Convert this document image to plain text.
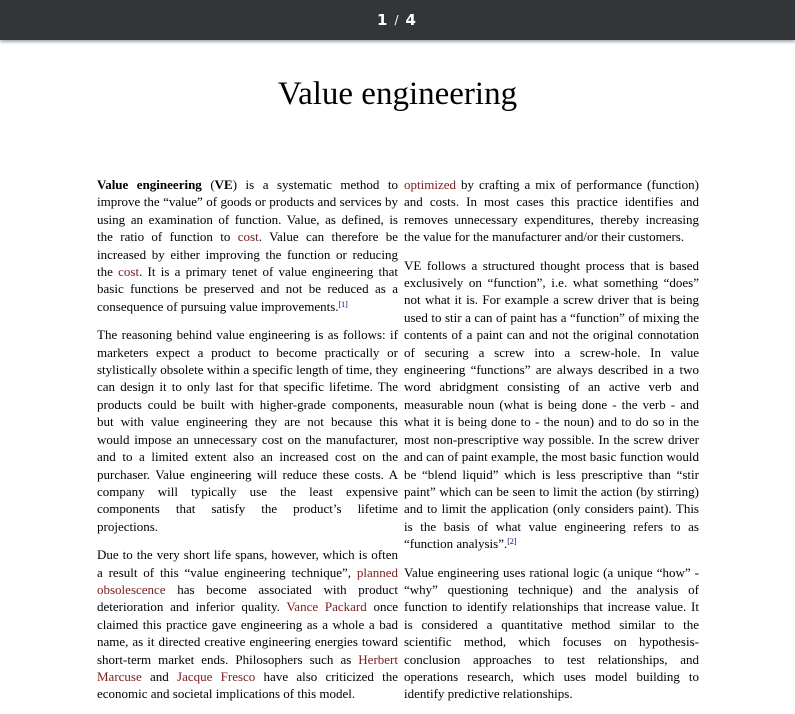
1 / 4
Value engineering

Value engineering (VE) is a systematic method to improve the “value” of goods or products and services by using an examination of function. Value, as defined, is the ratio of function to cost. Value can therefore be increased by either improving the function or reducing the cost. It is a primary tenet of value engineering that basic functions be preserved and not be reduced as a consequence of pursuing value improvements.[1]

The reasoning behind value engineering is as follows: if marketers expect a product to become practically or stylistically obsolete within a specific length of time, they can design it to only last for that specific lifetime. The products could be built with higher-grade components, but with value engineering they are not because this would impose an unnecessary cost on the manufacturer, and to a limited extent also an increased cost on the purchaser. Value engineering will reduce these costs. A company will typically use the least expensive components that satisfy the product’s lifetime projections.

Due to the very short life spans, however, which is often a result of this “value engineering technique”, planned obsolescence has become associated with product deterioration and inferior quality. Vance Packard once claimed this practice gave engineering as a whole a bad name, as it directed creative engineering energies toward short-term market ends. Philosophers such as Herbert Marcuse and Jacque Fresco have also criticized the economic and societal implications of this model.

optimized by crafting a mix of performance (function) and costs. In most cases this practice identifies and removes unnecessary expenditures, thereby increasing the value for the manufacturer and/or their customers.

VE follows a structured thought process that is based exclusively on “function”, i.e. what something “does” not what it is. For example a screw driver that is being used to stir a can of paint has a “function” of mixing the contents of a paint can and not the original connotation of securing a screw into a screw-hole. In value engineering “functions” are always described in a two word abridgment consisting of an active verb and measurable noun (what is being done - the verb - and what it is being done to - the noun) and to do so in the most non-prescriptive way possible. In the screw driver and can of paint example, the most basic function would be “blend liquid” which is less prescriptive than “stir paint” which can be seen to limit the action (by stirring) and to limit the application (only considers paint). This is the basis of what value engineering refers to as “function analysis”.[2]

Value engineering uses rational logic (a unique “how” - “why” questioning technique) and the analysis of function to identify relationships that increase value. It is considered a quantitative method similar to the scientific method, which focuses on hypothesis-conclusion approaches to test relationships, and operations research, which uses model building to identify predictive relationships.
